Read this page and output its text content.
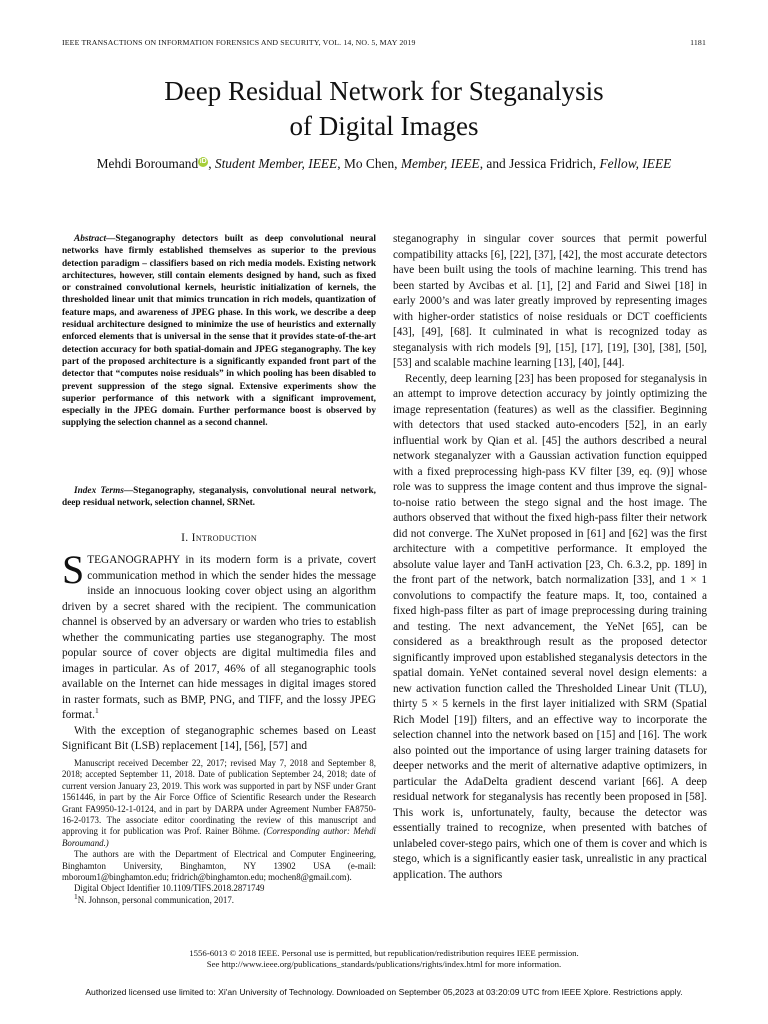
IEEE TRANSACTIONS ON INFORMATION FORENSICS AND SECURITY, VOL. 14, NO. 5, MAY 2019	1181
Deep Residual Network for Steganalysis
of Digital Images
Mehdi Boroumand iD , Student Member, IEEE, Mo Chen, Member, IEEE, and Jessica Fridrich, Fellow, IEEE
Abstract—Steganography detectors built as deep convolutional neural networks have firmly established themselves as superior to the previous detection paradigm – classifiers based on rich media models. Existing network architectures, however, still contain elements designed by hand, such as fixed or constrained convolutional kernels, heuristic initialization of kernels, the thresholded linear unit that mimics truncation in rich models, quantization of feature maps, and awareness of JPEG phase. In this work, we describe a deep residual architecture designed to minimize the use of heuristics and externally enforced elements that is universal in the sense that it provides state-of-the-art detection accuracy for both spatial-domain and JPEG steganography. The key part of the proposed architecture is a significantly expanded front part of the detector that “computes noise residuals” in which pooling has been disabled to prevent suppression of the stego signal. Extensive experiments show the superior performance of this network with a significant improvement, especially in the JPEG domain. Further performance boost is observed by supplying the selection channel as a second channel.
Index Terms—Steganography, steganalysis, convolutional neural network, deep residual network, selection channel, SRNet.
I. Introduction

STEGANOGRAPHY in its modern form is a private, covert communication method in which the sender hides the message inside an innocuous looking cover object using an algorithm driven by a secret shared with the recipient. The communication channel is observed by an adversary or warden who tries to establish whether the communicating parties use steganography. The most popular source of cover objects are digital multimedia files and images in particular. As of 2017, 46% of all steganographic tools available on the Internet can hide messages in digital images stored in raster formats, such as BMP, PNG, and TIFF, and the lossy JPEG format.$^1$

With the exception of steganographic schemes based on Least Significant Bit (LSB) replacement [14], [56], [57] and

Manuscript received December 22, 2017; revised May 7, 2018 and September 8, 2018; accepted September 11, 2018. Date of publication September 24, 2018; date of current version January 23, 2019. This work was supported in part by NSF under Grant 1561446, in part by the Air Force Office of Scientific Research under the Research Grant FA9950-12-1-0124, and in part by DARPA under Agreement Number FA8750-16-2-0173. The associate editor coordinating the review of this manuscript and approving it for publication was Prof. Rainer Böhme. (Corresponding author: Mehdi Boroumand.)

The authors are with the Department of Electrical and Computer Engineering, Binghamton University, Binghamton, NY 13902 USA (e-mail: mboroum1@binghamton.edu; fridrich@binghamton.edu; mochen8@gmail.com).

Digital Object Identifier 10.1109/TIFS.2018.2871749

$^1$N. Johnson, personal communication, 2017.

steganography in singular cover sources that permit powerful compatibility attacks [6], [22], [37], [42], the most accurate detectors have been built using the tools of machine learning. This trend has been started by Avcibas et al. [1], [2] and Farid and Siwei [18] in early 2000’s and was later greatly improved by representing images with higher-order statistics of noise residuals or DCT coefficients [43], [49], [68]. It culminated in what is recognized today as steganalysis with rich models [9], [15], [17], [19], [30], [38], [50], [53] and scalable machine learning [13], [40], [44].

Recently, deep learning [23] has been proposed for steganalysis in an attempt to improve detection accuracy by jointly optimizing the image representation (features) as well as the classifier. Beginning with detectors that used stacked auto-encoders [52], in an early influential work by Qian et al. [45] the authors described a neural network steganalyzer with a Gaussian activation function equipped with a fixed preprocessing high-pass KV filter [39, eq. (9)] whose role was to suppress the image content and thus improve the signal-to-noise ratio between the stego signal and the host image. The authors observed that without the fixed high-pass filter their network did not converge. The XuNet proposed in [61] and [62] was the first architecture with a competitive performance. It employed the absolute value layer and TanH activation [23, Ch. 6.3.2, pp. 189] in the front part of the network, batch normalization [33], and 1 × 1 convolutions to compactify the feature maps. It, too, contained a fixed high-pass filter as part of image preprocessing during training and testing. The next advancement, the YeNet [65], can be considered as a breakthrough result as the proposed detector significantly improved upon established steganalysis detectors in the spatial domain. YeNet contained several novel design elements: a new activation function called the Thresholded Linear Unit (TLU), thirty 5 × 5 kernels in the first layer initialized with SRM (Spatial Rich Model [19]) filters, and an effective way to incorporate the selection channel into the network based on [15] and [16]. The work also pointed out the importance of using larger training datasets for deeper networks and the merit of alternative adaptive optimizers, in particular the AdaDelta gradient descend variant [66]. A deep residual network for steganalysis has recently been proposed in [58]. This work is, unfortunately, faulty, because the detector was essentially trained to recognize, when presented with batches of unlabeled cover-stego pairs, which one of them is cover and which is stego, which is a significantly easier task, unrealistic in any practical application. The authors

1556-6013 © 2018 IEEE. Personal use is permitted, but republication/redistribution requires IEEE permission.
See http://www.ieee.org/publications_standards/publications/rights/index.html for more information.
Authorized licensed use limited to: Xi'an University of Technology. Downloaded on September 05,2023 at 03:20:09 UTC from IEEE Xplore. Restrictions apply.
